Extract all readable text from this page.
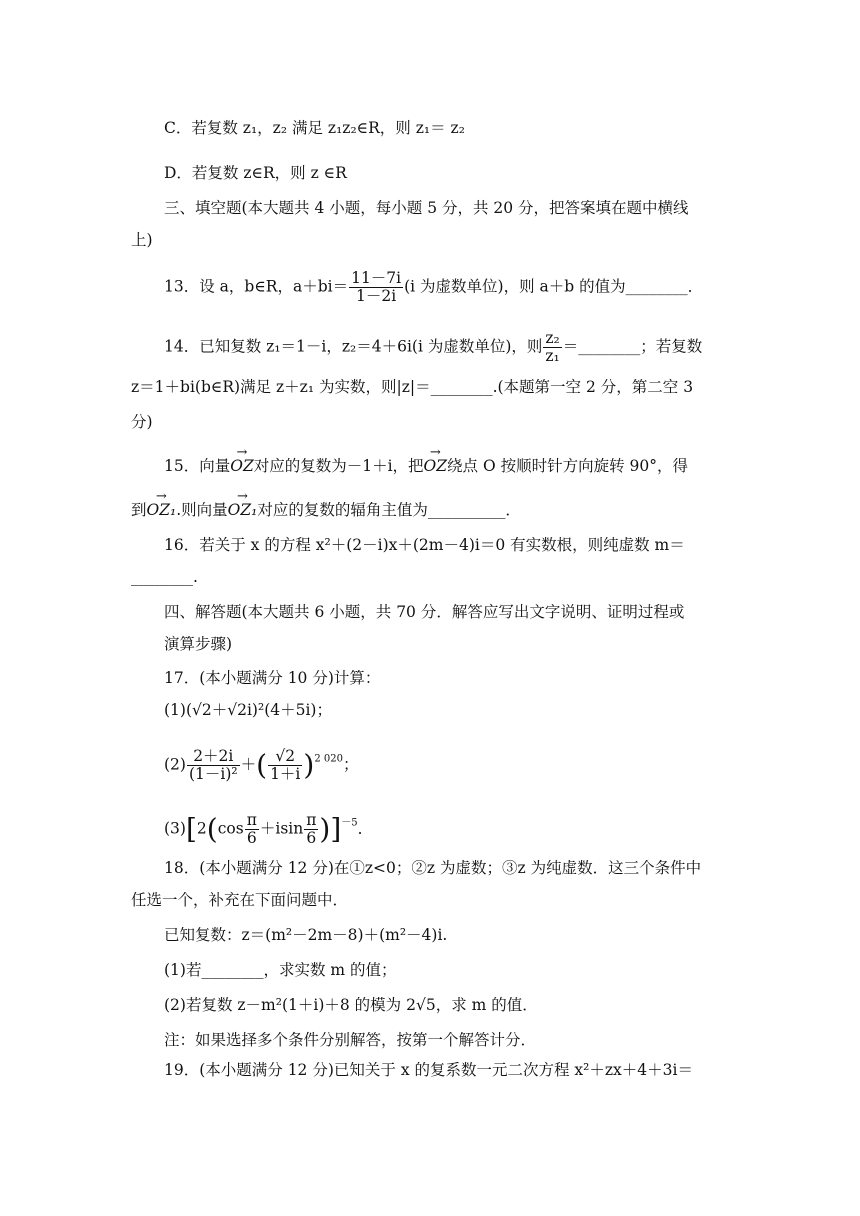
C．若复数 z₁，z₂ 满足 z₁z₂∈R，则 z₁＝ z₂
D．若复数 z∈R，则 z ∈R
三、填空题(本大题共 4 小题，每小题 5 分，共 20 分，把答案填在题中横线
上)
13．设 a，b∈R，$a+bi= \frac{11-7i}{1-2i} (i$ 为虚数单位)，则 a＋b 的值为________．
14．已知复数 z₁＝1－i，z₂＝4＋6i(i 为虚数单位)，则 $\frac{\text{z₂}}{\text{z₁}}$ ＝________；若复数
z＝1＋bi(b∈R)满足 z＋z₁ 为实数，则|z|＝________.(本题第一空 2 分，第二空 3
分)
15．向量→ OZ对应的复数为－1＋i，把→ OZ绕点 O 按顺时针方向旋转 90°，得
到→ OZ₁.则向量→ OZ₁对应的复数的辐角主值为__________．
16．若关于 x 的方程 x²＋(2－i)x＋(2m－4)i＝0 有实数根，则纯虚数 m＝
________.
四、解答题(本大题共 6 小题，共 70 分．解答应写出文字说明、证明过程或
演算步骤)
17．(本小题满分 10 分)计算：
(1)(√2＋√2i)²(4＋5i)；
$(2) \frac{2+2i}{\text{(1－i)²}}$ ＋( $\frac{√2}{1+i} )^{2 020}$；
$(3)[2(\cos \frac{\pi}{6} +isin \frac{\pi}{6} )]^{-5}$．
18．(本小题满分 12 分)在①z<0；②z 为虚数；③z 为纯虚数．这三个条件中
任选一个，补充在下面问题中．
已知复数：z＝(m²－2m－8)＋(m²－4)i.
(1)若________，求实数 m 的值；
(2)若复数 z－m²(1＋i)＋8 的模为 2√5，求 m 的值．
注：如果选择多个条件分别解答，按第一个解答计分．
19．(本小题满分 12 分)已知关于 x 的复系数一元二次方程 x²＋zx＋4＋3i＝
